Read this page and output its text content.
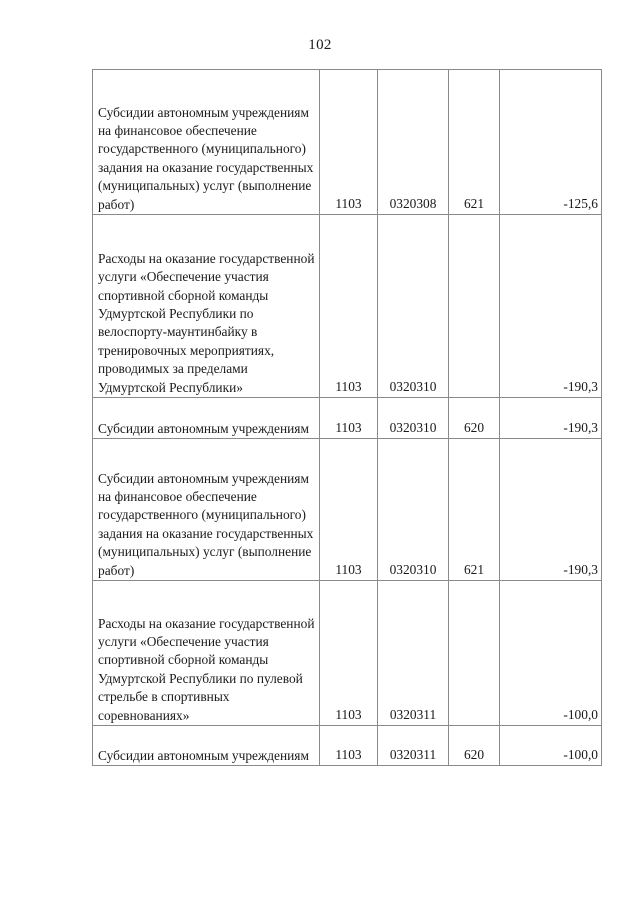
102
Субсидии автономным учреждениям на финансовое обеспечение государственного (муниципального) задания на оказание государственных (муниципальных) услуг (выполнение работ)	1103	0320308	621	-125,6
Расходы на оказание государственной услуги «Обеспечение участия спортивной сборной команды Удмуртской Республики по велоспорту-маунтинбайку в тренировочных мероприятиях, проводимых за пределами Удмуртской Республики»	1103	0320310		-190,3
Субсидии автономным учреждениям	1103	0320310	620	-190,3
Субсидии автономным учреждениям на финансовое обеспечение государственного (муниципального) задания на оказание государственных (муниципальных) услуг (выполнение работ)	1103	0320310	621	-190,3
Расходы на оказание государственной услуги «Обеспечение участия спортивной сборной команды Удмуртской Республики по пулевой стрельбе в спортивных соревнованиях»	1103	0320311		-100,0
Субсидии автономным учреждениям	1103	0320311	620	-100,0
